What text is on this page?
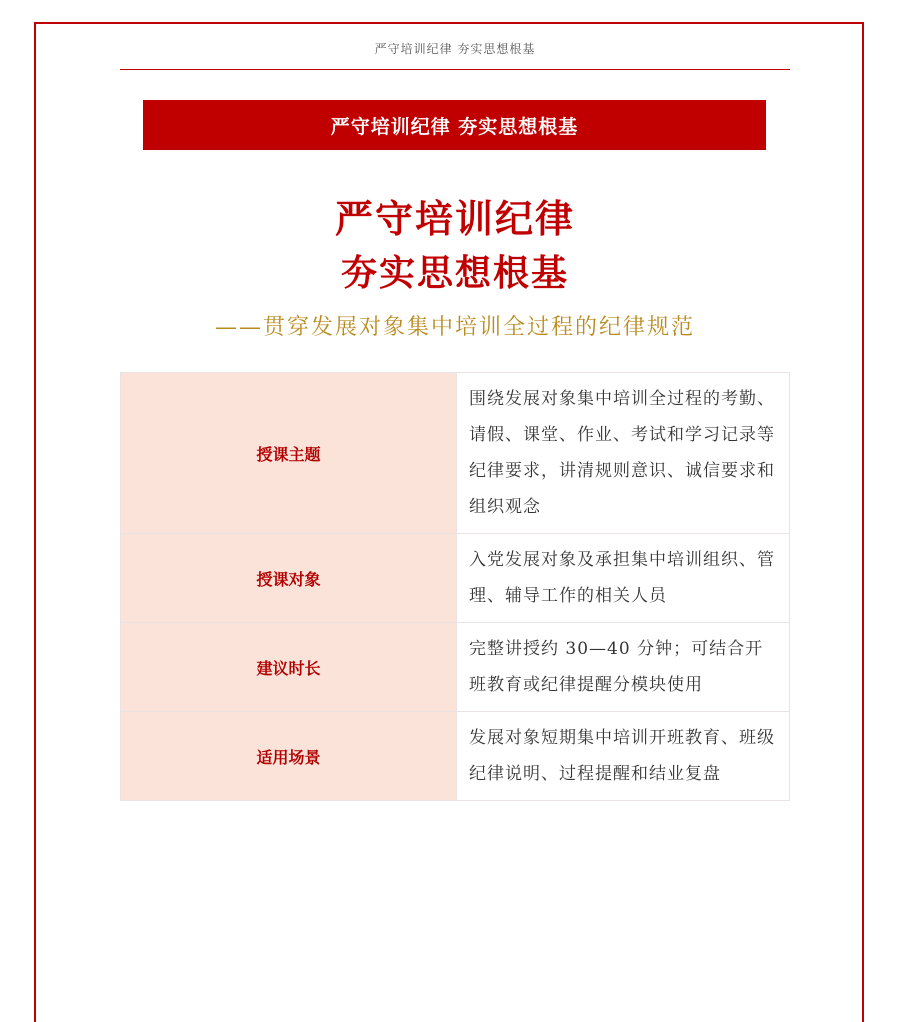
严守培训纪律 夯实思想根基
严守培训纪律 夯实思想根基
严守培训纪律
夯实思想根基
——贯穿发展对象集中培训全过程的纪律规范
授课主题	围绕发展对象集中培训全过程的考勤、请假、课堂、作业、考试和学习记录等纪律要求，讲清规则意识、诚信要求和组织观念
授课对象	入党发展对象及承担集中培训组织、管理、辅导工作的相关人员
建议时长	完整讲授约 30—40 分钟；可结合开班教育或纪律提醒分模块使用
适用场景	发展对象短期集中培训开班教育、班级纪律说明、过程提醒和结业复盘
